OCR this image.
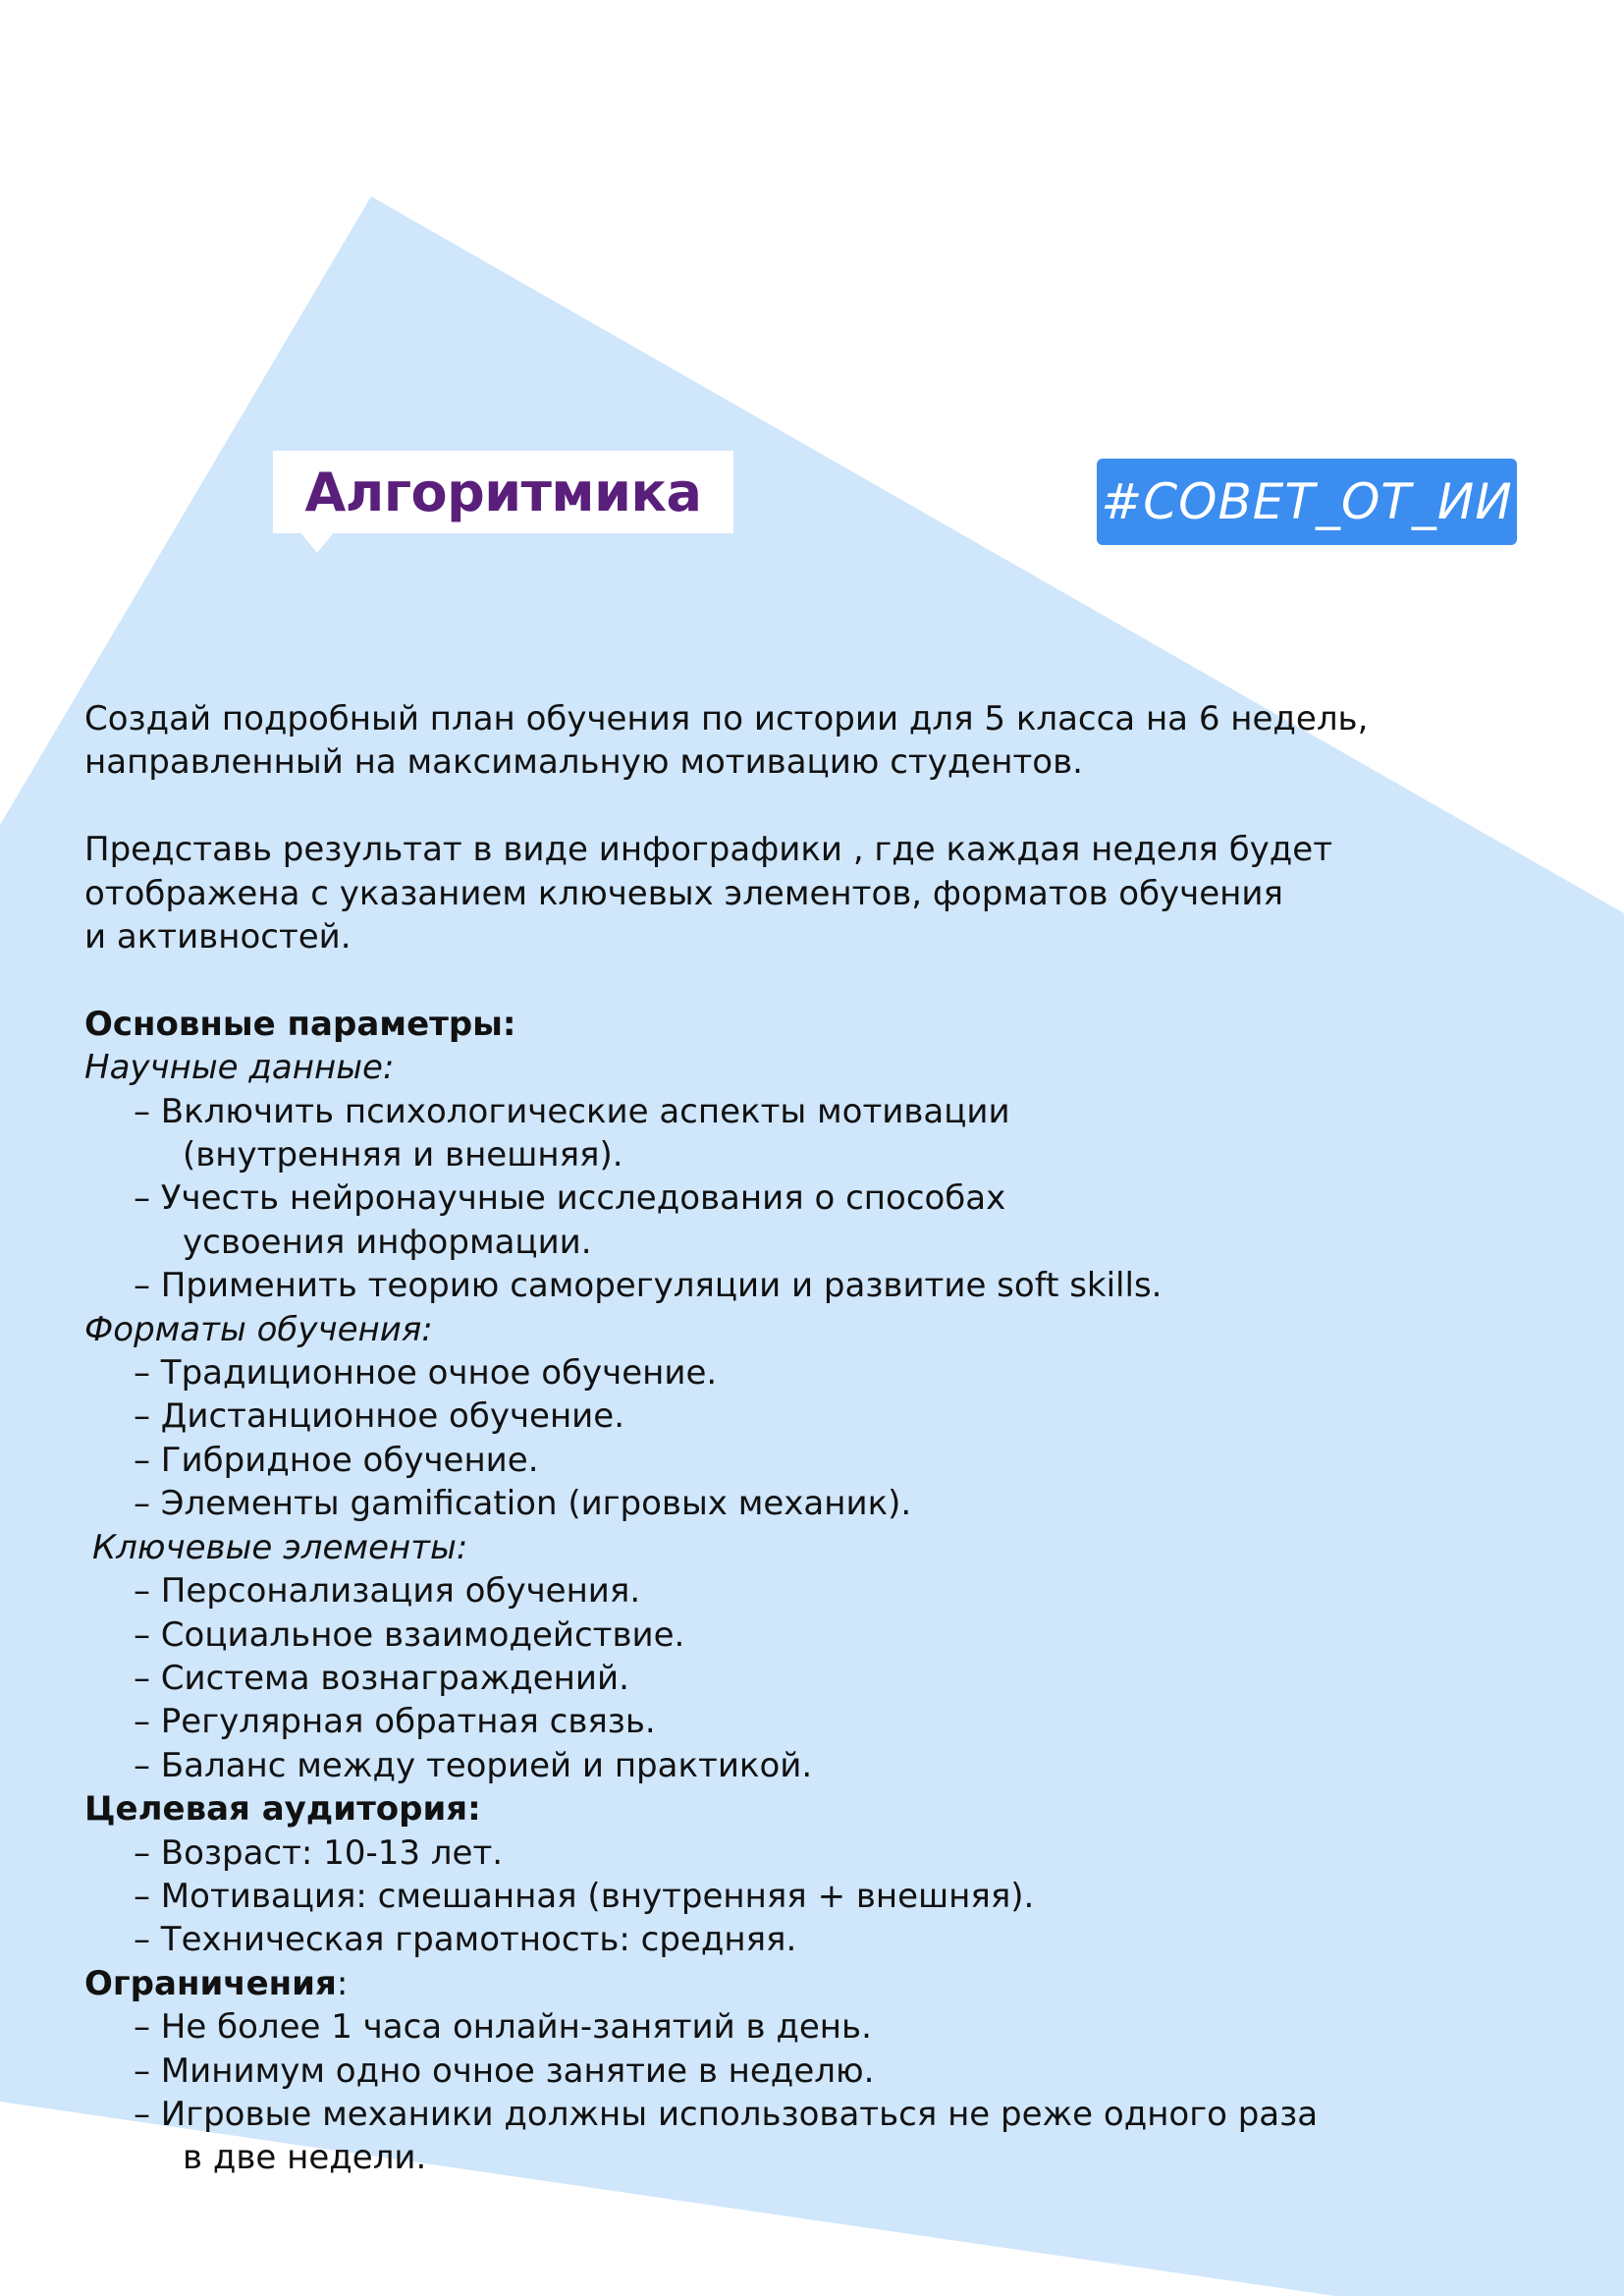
Алгоритмика	#СОВЕТ_ОТ_ИИ

Создай подробный план обучения по истории для 5 класса на 6 недель,

направленный на максимальную мотивацию студентов.

Представь результат в виде инфографики , где каждая неделя будет

отображена с указанием ключевых элементов, форматов обучения

и активностей.

Основные параметры:

Научные данные:

– Включить психологические аспекты мотивации

(внутренняя и внешняя).

– Учесть нейронаучные исследования о способах

усвоения информации.

– Применить теорию саморегуляции и развитие soft skills.

Форматы обучения:

– Традиционное очное обучение.

– Дистанционное обучение.

– Гибридное обучение.

– Элементы gamification (игровых механик).

Ключевые элементы:

– Персонализация обучения.

– Социальное взаимодействие.

– Система вознаграждений.

– Регулярная обратная связь.

– Баланс между теорией и практикой.

Целевая аудитория:

– Возраст: 10-13 лет.

– Мотивация: смешанная (внутренняя + внешняя).

– Техническая грамотность: средняя.

Ограничения:

– Не более 1 часа онлайн-занятий в день.

– Минимум одно очное занятие в неделю.

– Игровые механики должны использоваться не реже одного раза

в две недели.
